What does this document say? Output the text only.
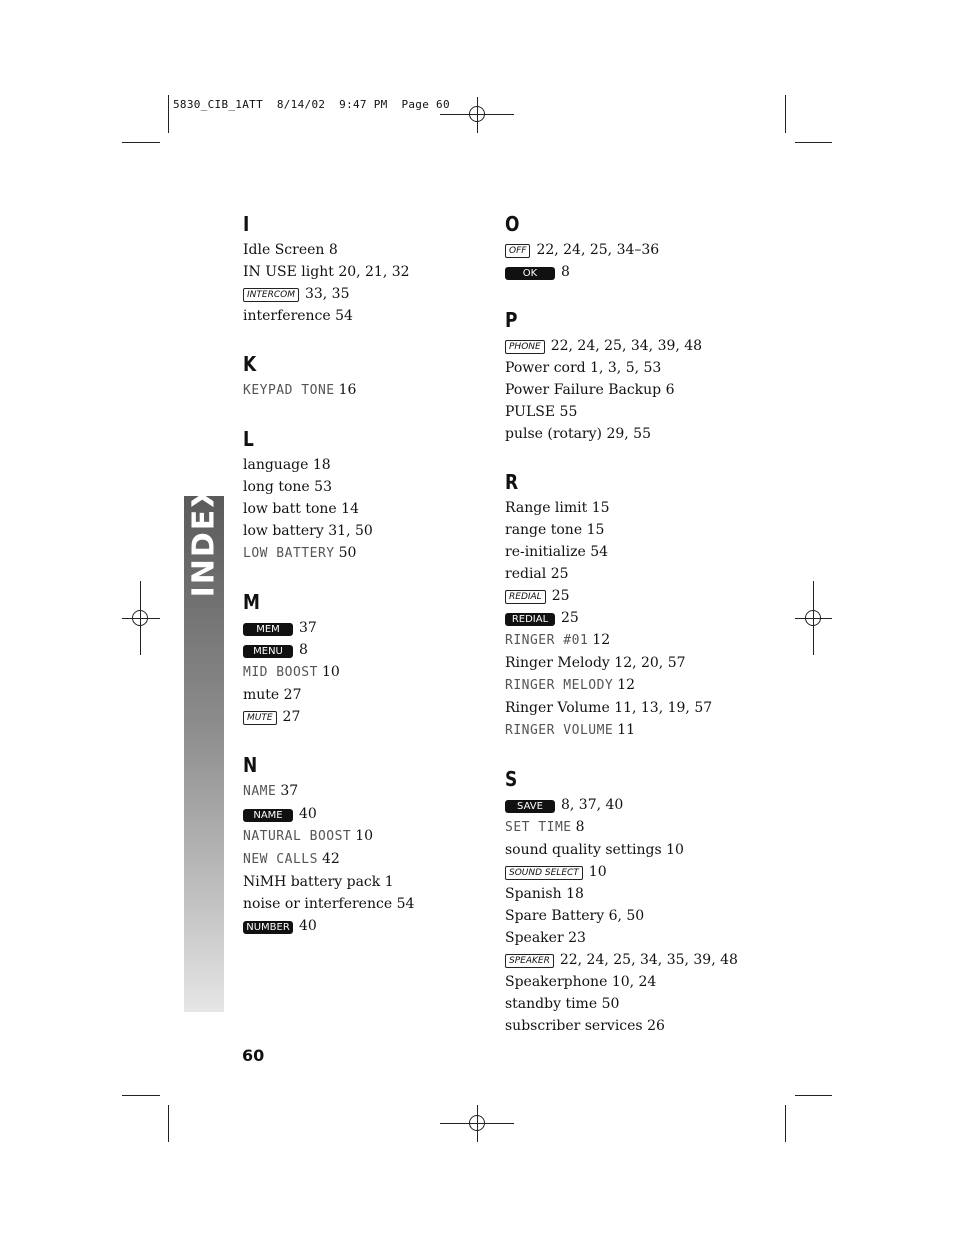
5830_CIB_1ATT  8/14/02  9:47 PM  Page 60
INDEX
I
Idle Screen 8
IN USE light 20, 21, 32
INTERCOM 33, 35
interference 54
K
KEYPAD TONE 16
L
language 18
long tone 53
low batt tone 14
low battery 31, 50
LOW BATTERY 50
M
MEM 37
MENU 8
MID BOOST 10
mute 27
MUTE 27
N
NAME 37
NAME 40
NATURAL BOOST 10
NEW CALLS 42
NiMH battery pack 1
noise or interference 54
NUMBER 40
O
OFF 22, 24, 25, 34–36
OK 8
P
PHONE 22, 24, 25, 34, 39, 48
Power cord 1, 3, 5, 53
Power Failure Backup 6
PULSE 55
pulse (rotary) 29, 55
R
Range limit 15
range tone 15
re-initialize 54
redial 25
REDIAL 25
REDIAL 25
RINGER #01 12
Ringer Melody 12, 20, 57
RINGER MELODY 12
Ringer Volume 11, 13, 19, 57
RINGER VOLUME 11
S
SAVE 8, 37, 40
SET TIME 8
sound quality settings 10
SOUND SELECT 10
Spanish 18
Spare Battery 6, 50
Speaker 23
SPEAKER 22, 24, 25, 34, 35, 39, 48
Speakerphone 10, 24
standby time 50
subscriber services 26
60
